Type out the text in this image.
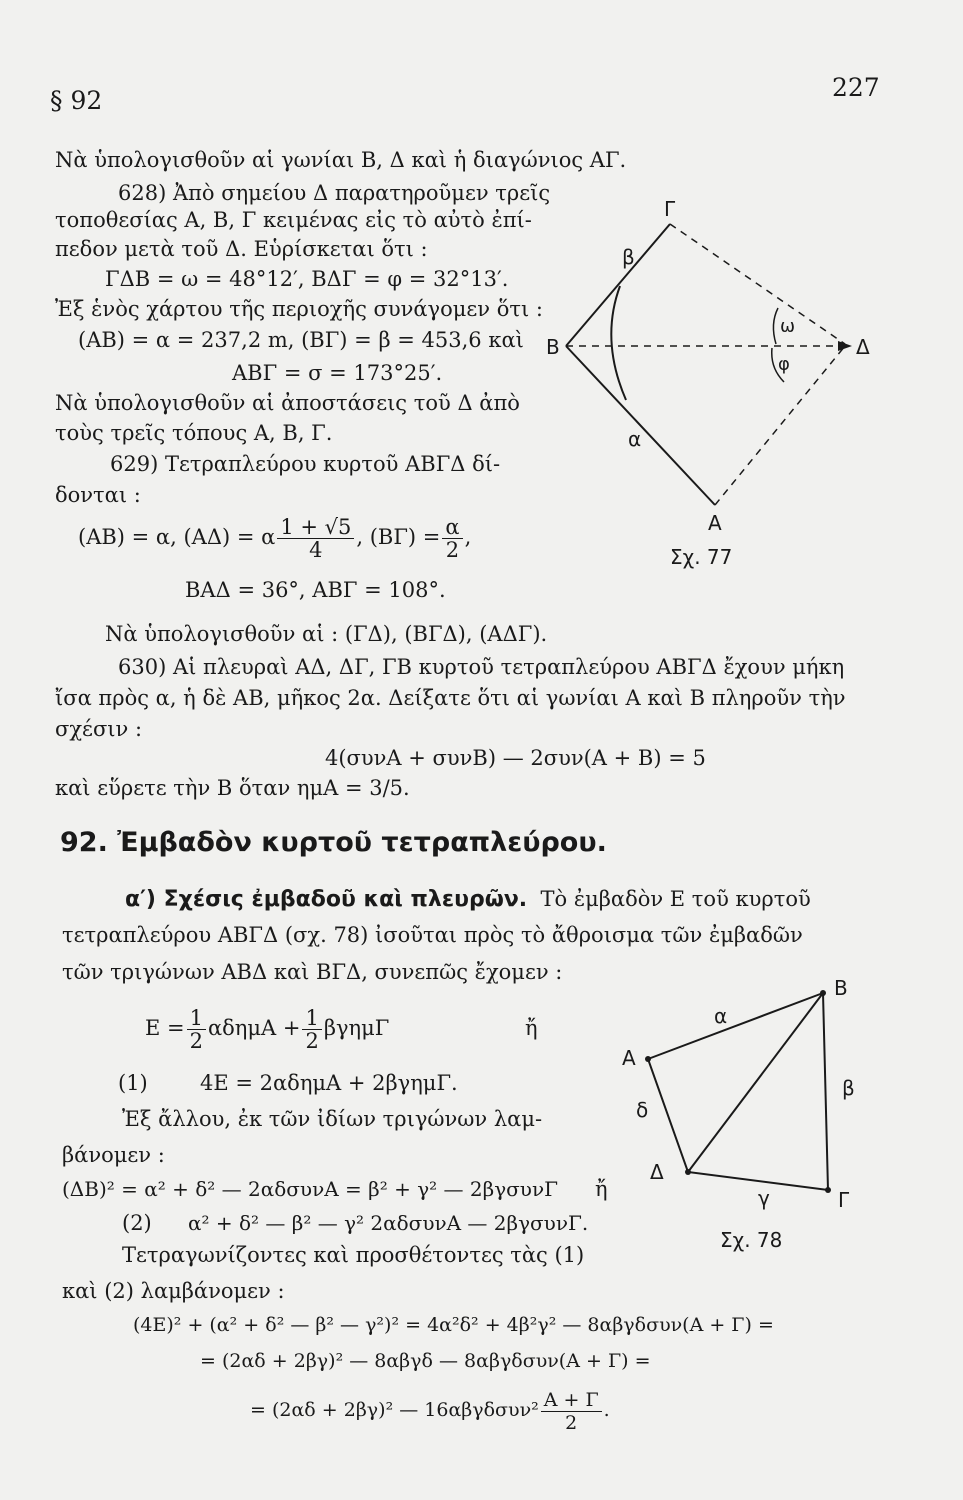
§ 92	227
Νὰ ὑπολογισθοῦν αἱ γωνίαι Β, Δ καὶ ἡ διαγώνιος ΑΓ.
628) Ἀπὸ σημείου Δ παρατηροῦμεν τρεῖς
τοποθεσίας Α, Β, Γ κειμένας εἰς τὸ αὐτὸ ἐπί-
πεδον μετὰ τοῦ Δ. Εὑρίσκεται ὅτι :
ΓΔΒ = ω = 48°12′, ΒΔΓ = φ = 32°13′.
Ἐξ ἑνὸς χάρτου τῆς περιοχῆς συνάγομεν ὅτι :
(ΑΒ) = α = 237,2 m, (ΒΓ) = β = 453,6 καὶ
ΑΒΓ = σ = 173°25′.
Νὰ ὑπολογισθοῦν αἱ ἀποστάσεις τοῦ Δ ἀπὸ
τοὺς τρεῖς τόπους Α, Β, Γ.
629) Τετραπλεύρου κυρτοῦ ΑΒΓΔ δί-
δονται :
(ΑΒ) = α, (ΑΔ) = α $\frac{1 + √5}{4}$ , $(B\Gamma) = \frac{\alpha}{2}$ ,
ΒΑΔ = 36°, ΑΒΓ = 108°.
Νὰ ὑπολογισθοῦν αἱ : (ΓΔ), (ΒΓΔ), (ΑΔΓ).
630) Αἱ πλευραὶ ΑΔ, ΔΓ, ΓΒ κυρτοῦ τετραπλεύρου ΑΒΓΔ ἔχουν μήκη
ἴσα πρὸς α, ἡ δὲ ΑΒ, μῆκος 2α. Δείξατε ὅτι αἱ γωνίαι Α καὶ Β πληροῦν τὴν
σχέσιν :
4(συνΑ + συνΒ) — 2συν(Α + Β) = 5
καὶ εὕρετε τὴν Β ὅταν ημΑ = 3/5.
92. Ἐμβαδὸν κυρτοῦ τετραπλεύρου.
α′) Σχέσις ἐμβαδοῦ καὶ πλευρῶν. Τὸ ἐμβαδὸν Ε τοῦ κυρτοῦ
τετραπλεύρου ΑΒΓΔ (σχ. 78) ἰσοῦται πρὸς τὸ ἄθροισμα τῶν ἐμβαδῶν
τῶν τριγώνων ΑΒΔ καὶ ΒΓΔ, συνεπῶς ἔχομεν :
$E = \frac{1}{2}$ $\alpha\delta\eta\mu A + \frac{1}{2}$ βγημΓ	ἤ
(1) 4E = 2αδημΑ + 2βγημΓ.
Ἐξ ἄλλου, ἐκ τῶν ἰδίων τριγώνων λαμ-
βάνομεν :
(ΔΒ)² = α² + δ² — 2αδσυνΑ = β² + γ² — 2βγσυνΓ ἤ
(2) α² + δ² — β² — γ² 2αδσυνΑ — 2βγσυνΓ.
Τετραγωνίζοντες καὶ προσθέτοντες τὰς (1)
καὶ (2) λαμβάνομεν :
(4E)² + (α² + δ² — β² — γ²)² = 4α²δ² + 4β²γ² — 8αβγδσυν(Α + Γ) =
= (2αδ + 2βγ)² — 8αβγδ — 8αβγδσυν(Α + Γ) =
= (2αδ + 2βγ)² — $16\alpha\beta\gamma\delta\sigma\upsilon\nu^2 \frac{A + \Gamma}{2}$ .
Γ
Β	Δ
Α
β
α
ω
φ
Σχ. 77
Β
Α
Δ
Γ
α
β
γ
δ
Σχ. 78
